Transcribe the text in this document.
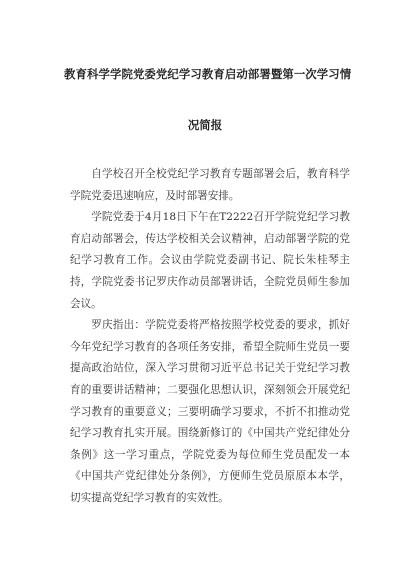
教育科学学院党委党纪学习教育启动部署暨第一次学习情
况简报

自学校召开全校党纪学习教育专题部署会后，教育科学学院党委迅速响应，及时部署安排。

学院党委于4月18日下午在T2222召开学院党纪学习教育启动部署会，传达学校相关会议精神，启动部署学院的党纪学习教育工作。会议由学院党委副书记、院长朱桂琴主持，学院党委书记罗庆作动员部署讲话，全院党员师生参加会议。

罗庆指出：学院党委将严格按照学校党委的要求，抓好今年党纪学习教育的各项任务安排，希望全院师生党员一要提高政治站位，深入学习贯彻习近平总书记关于党纪学习教育的重要讲话精神；二要强化思想认识，深刻领会开展党纪学习教育的重要意义；三要明确学习要求，不折不扣推动党纪学习教育扎实开展。围绕新修订的《中国共产党纪律处分条例》这一学习重点，学院党委为每位师生党员配发一本《中国共产党纪律处分条例》，方便师生党员原原本本学，切实提高党纪学习教育的实效性。
